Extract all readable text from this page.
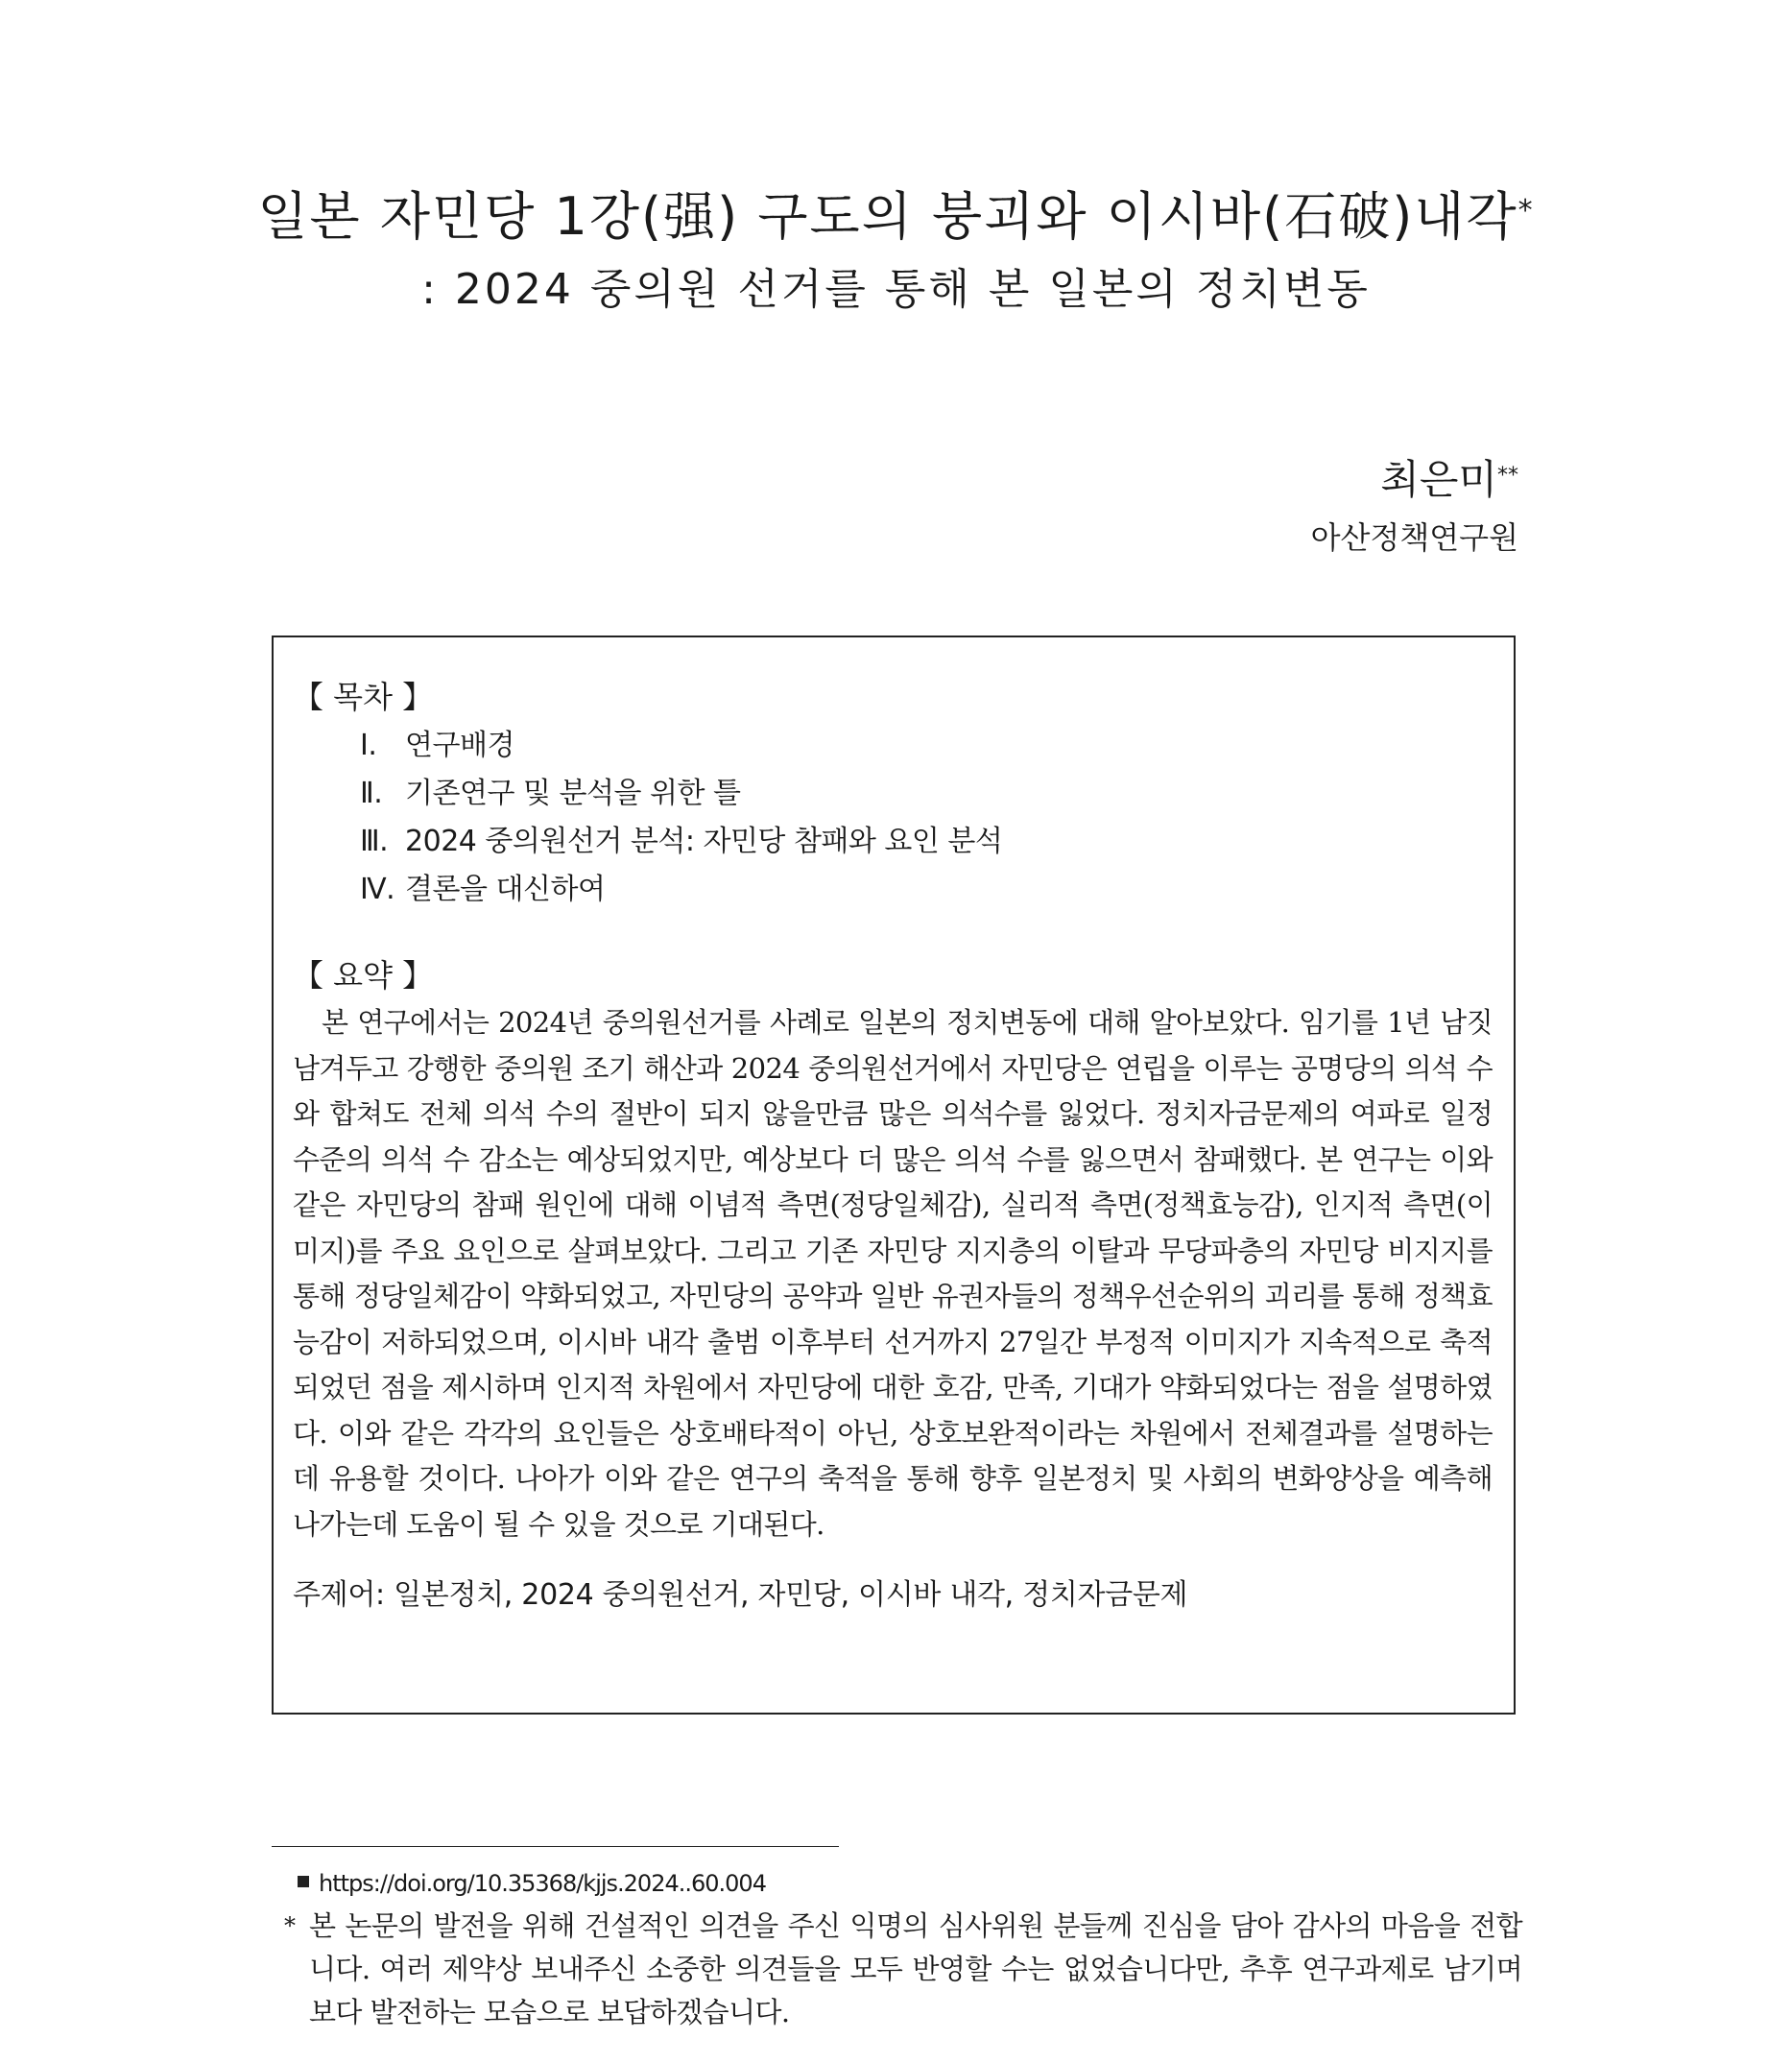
일본 자민당 1강(强) 구도의 붕괴와 이시바(石破)내각*
: 2024 중의원 선거를 통해 본 일본의 정치변동
최은미**
아산정책연구원
【 목차 】
Ⅰ. 연구배경
Ⅱ. 기존연구 및 분석을 위한 틀
Ⅲ. 2024 중의원선거 분석: 자민당 참패와 요인 분석
Ⅳ. 결론을 대신하여
【 요약 】

본 연구에서는 2024년 중의원선거를 사례로 일본의 정치변동에 대해 알아보았다. 임기를 1년 남짓 남겨두고 강행한 중의원 조기 해산과 2024 중의원선거에서 자민당은 연립을 이루는 공명당의 의석 수와 합쳐도 전체 의석 수의 절반이 되지 않을만큼 많은 의석수를 잃었다. 정치자금문제의 여파로 일정 수준의 의석 수 감소는 예상되었지만, 예상보다 더 많은 의석 수를 잃으면서 참패했다. 본 연구는 이와 같은 자민당의 참패 원인에 대해 이념적 측면(정당일체감), 실리적 측면(정책효능감), 인지적 측면(이미지)를 주요 요인으로 살펴보았다. 그리고 기존 자민당 지지층의 이탈과 무당파층의 자민당 비지지를 통해 정당일체감이 약화되었고, 자민당의 공약과 일반 유권자들의 정책우선순위의 괴리를 통해 정책효능감이 저하되었으며, 이시바 내각 출범 이후부터 선거까지 27일간 부정적 이미지가 지속적으로 축적되었던 점을 제시하며 인지적 차원에서 자민당에 대한 호감, 만족, 기대가 약화되었다는 점을 설명하였다. 이와 같은 각각의 요인들은 상호배타적이 아닌, 상호보완적이라는 차원에서 전체결과를 설명하는데 유용할 것이다. 나아가 이와 같은 연구의 축적을 통해 향후 일본정치 및 사회의 변화양상을 예측해 나가는데 도움이 될 수 있을 것으로 기대된다.

주제어: 일본정치, 2024 중의원선거, 자민당, 이시바 내각, 정치자금문제
https://doi.org/10.35368/kjjs.2024..60.004
* 본 논문의 발전을 위해 건설적인 의견을 주신 익명의 심사위원 분들께 진심을 담아 감사의 마음을 전합니다. 여러 제약상 보내주신 소중한 의견들을 모두 반영할 수는 없었습니다만, 추후 연구과제로 남기며 보다 발전하는 모습으로 보답하겠습니다.
